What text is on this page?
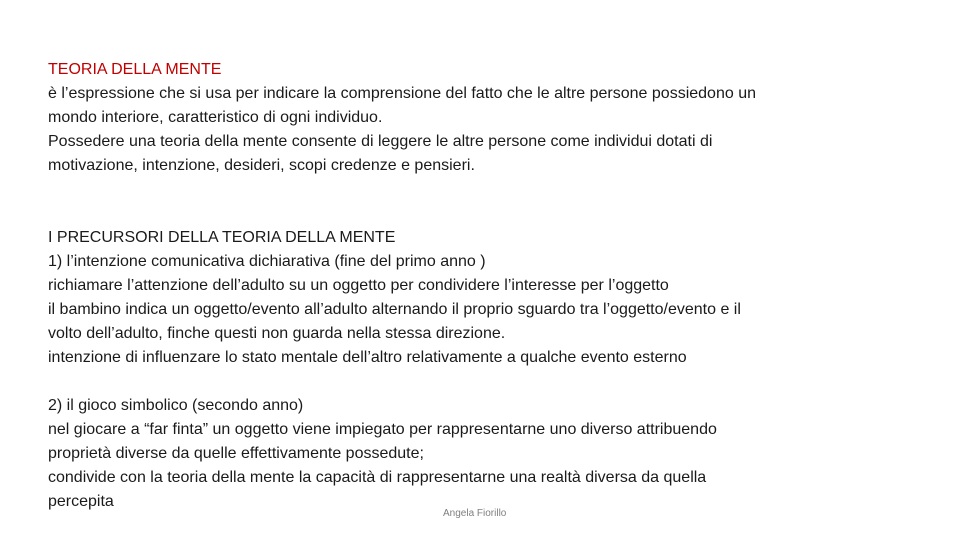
TEORIA DELLA MENTE
è l’espressione che si usa per indicare la comprensione del fatto che le altre persone possiedono un
mondo interiore, caratteristico di ogni individuo.
Possedere una teoria della mente consente di leggere le altre persone come individui dotati di
motivazione, intenzione, desideri, scopi credenze e pensieri.
I PRECURSORI DELLA TEORIA DELLA MENTE
1) l’intenzione comunicativa dichiarativa (fine del primo anno )
richiamare l’attenzione dell’adulto su un oggetto per condividere l’interesse per l’oggetto
il bambino indica un oggetto/evento all’adulto alternando il proprio sguardo tra l’oggetto/evento e il
volto dell’adulto, finche questi non guarda nella stessa direzione.
intenzione di influenzare lo stato mentale dell’altro relativamente a qualche evento esterno
2) il gioco simbolico (secondo anno)
nel giocare a “far finta” un oggetto viene impiegato per rappresentarne uno diverso attribuendo
proprietà diverse da quelle effettivamente possedute;
condivide con la teoria della mente la capacità di rappresentarne una realtà diversa da quella
percepita
Angela Fiorillo
